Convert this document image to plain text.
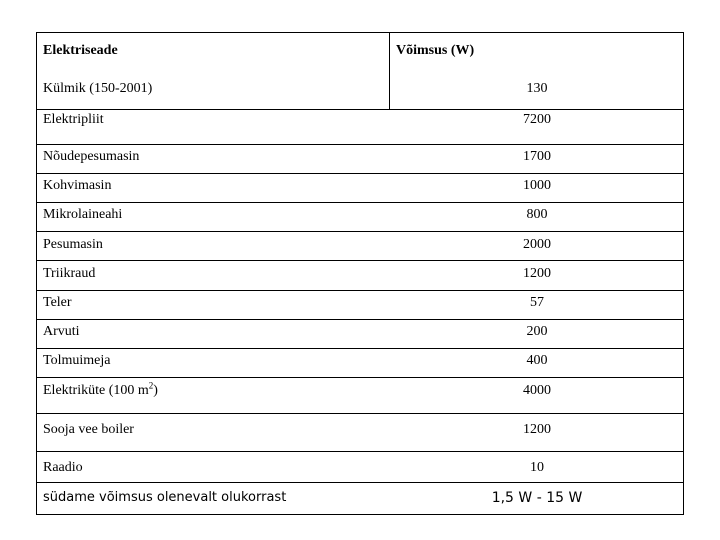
Elektriseade	Võimsus (W)
Külmik (150-2001)	130
Elektripliit	7200
Nõudepesumasin	1700
Kohvimasin	1000
Mikrolaineahi	800
Pesumasin	2000
Triikraud	1200
Teler	57
Arvuti	200
Tolmuimeja	400
Elektriküte (100 $m^2$)	4000
Sooja vee boiler	1200
Raadio	10
südame võimsus olenevalt olukorrast	1,5 W - 15 W
